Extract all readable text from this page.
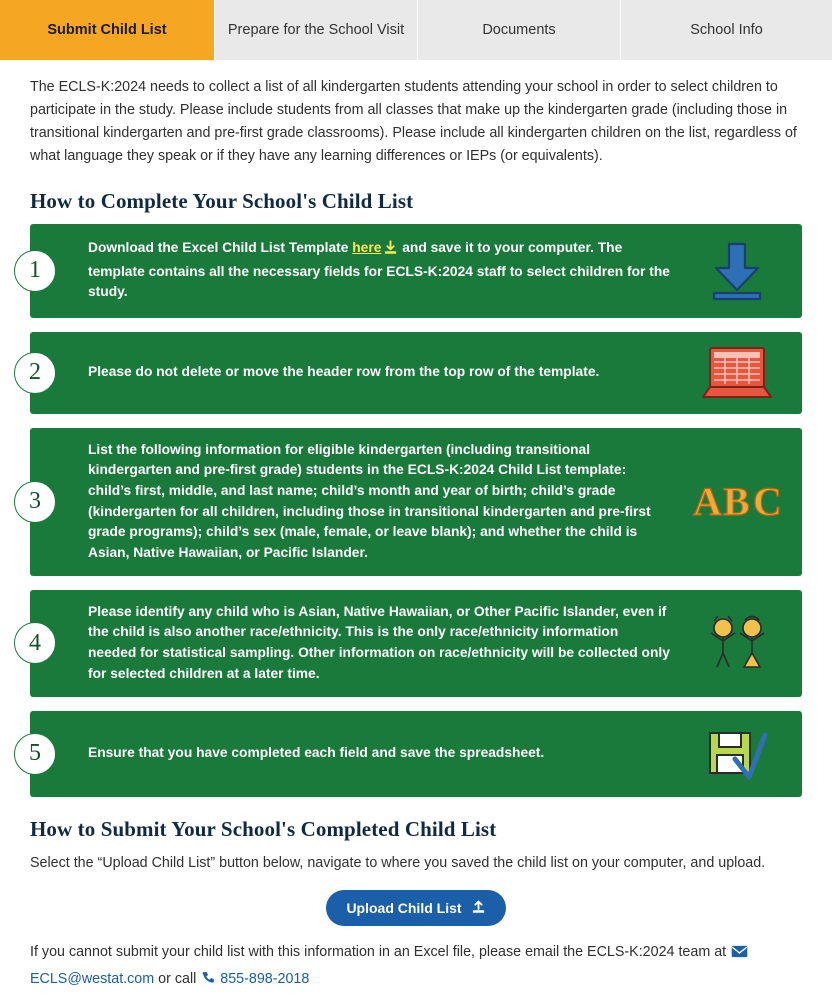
Submit Child List	Prepare for the School Visit	Documents	School Info

The ECLS-K:2024 needs to collect a list of all kindergarten students attending your school in order to select children to participate in the study. Please include students from all classes that make up the kindergarten grade (including those in transitional kindergarten and pre-first grade classrooms). Please include all kindergarten children on the list, regardless of what language they speak or if they have any learning differences or IEPs (or equivalents).

How to Complete Your School's Child List
1
Download the Excel Child List Template here and save it to your computer. The template contains all the necessary fields for ECLS-K:2024 staff to select children for the study.
2	Please do not delete or move the header row from the top row of the template.
3
List the following information for eligible kindergarten (including transitional kindergarten and pre-first grade) students in the ECLS-K:2024 Child List template: child’s first, middle, and last name; child’s month and year of birth; child’s grade (kindergarten for all children, including those in transitional kindergarten and pre-first grade programs); child’s sex (male, female, or leave blank); and whether the child is Asian, Native Hawaiian, or Pacific Islander.
A B C
4
Please identify any child who is Asian, Native Hawaiian, or Other Pacific Islander, even if the child is also another race/ethnicity. This is the only race/ethnicity information needed for statistical sampling. Other information on race/ethnicity will be collected only for selected children at a later time.
5	Ensure that you have completed each field and save the spreadsheet.
How to Submit Your School's Completed Child List

Select the “Upload Child List” button below, navigate to where you saved the child list on your computer, and upload.

Upload Child List

If you cannot submit your child list with this information in an Excel file, please email the ECLS-K:2024 team at  ECLS@westat.com or call 855-898-2018
